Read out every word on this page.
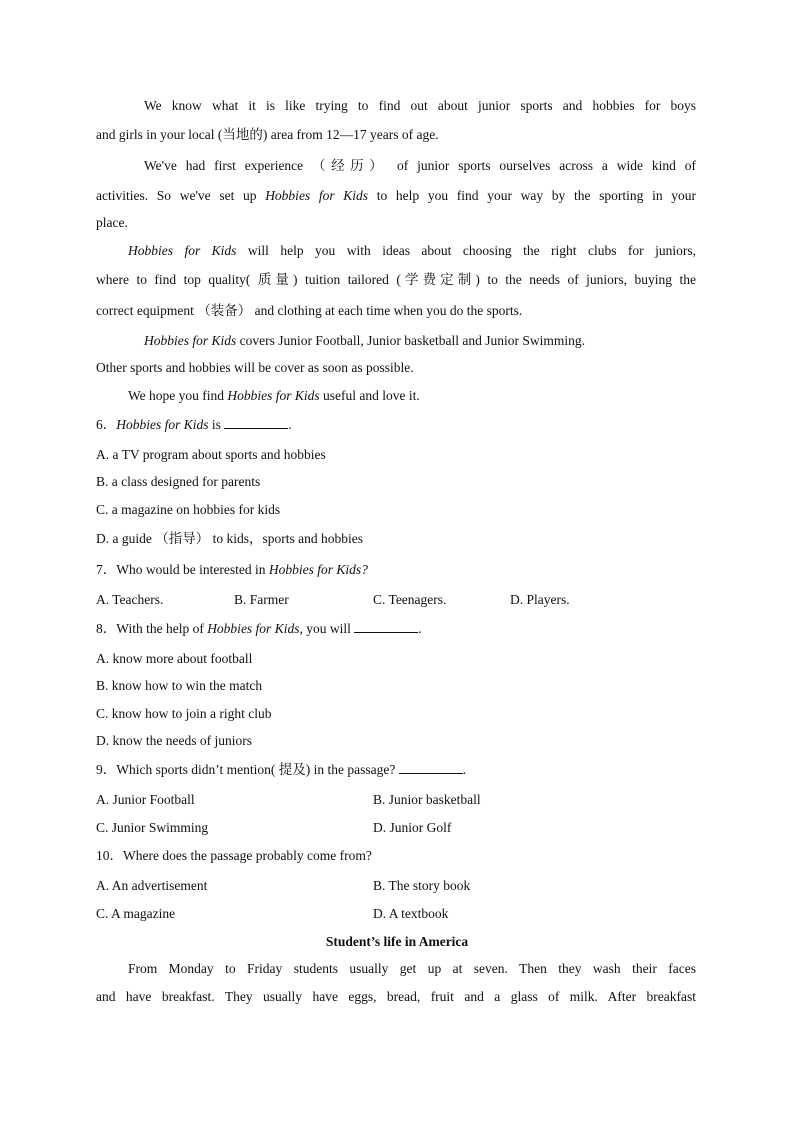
We know what it is like trying to find out about junior sports and hobbies for boys
and girls in your local (当地的) area from 12—17 years of age.
We've had first experience （经历） of junior sports ourselves across a wide kind of
activities. So we've set up Hobbies for Kids to help you find your way by the sporting in your
place.
Hobbies for Kids will help you with ideas about choosing the right clubs for juniors,
where to find top quality( 质量) tuition tailored (学费定制) to the needs of juniors, buying the
correct equipment （装备） and clothing at each time when you do the sports.
Hobbies for Kids covers Junior Football, Junior basketball and Junior Swimming.
Other sports and hobbies will be cover as soon as possible.
We hope you find Hobbies for Kids useful and love it.
6．Hobbies for Kids is	.
A. a TV program about sports and hobbies
B. a class designed for parents
C. a magazine on hobbies for kids
D. a guide （指导） to kids，sports and hobbies
7．Who would be interested in Hobbies for Kids?
A. Teachers.	B. Farmer	C. Teenagers.	D. Players.
8．With the help of Hobbies for Kids, you will	.
A. know more about football
B. know how to win the match
C. know how to join a right club
D. know the needs of juniors
9．Which sports didn’t mention( 提及) in the passage?	.
A. Junior Football	B. Junior basketball
C. Junior Swimming	D. Junior Golf
10．Where does the passage probably come from?
A. An advertisement	B. The story book
C. A magazine	D. A textbook
Student’s life in America
From Monday to Friday students usually get up at seven. Then they wash their faces
and have breakfast. They usually have eggs, bread, fruit and a glass of milk. After breakfast
